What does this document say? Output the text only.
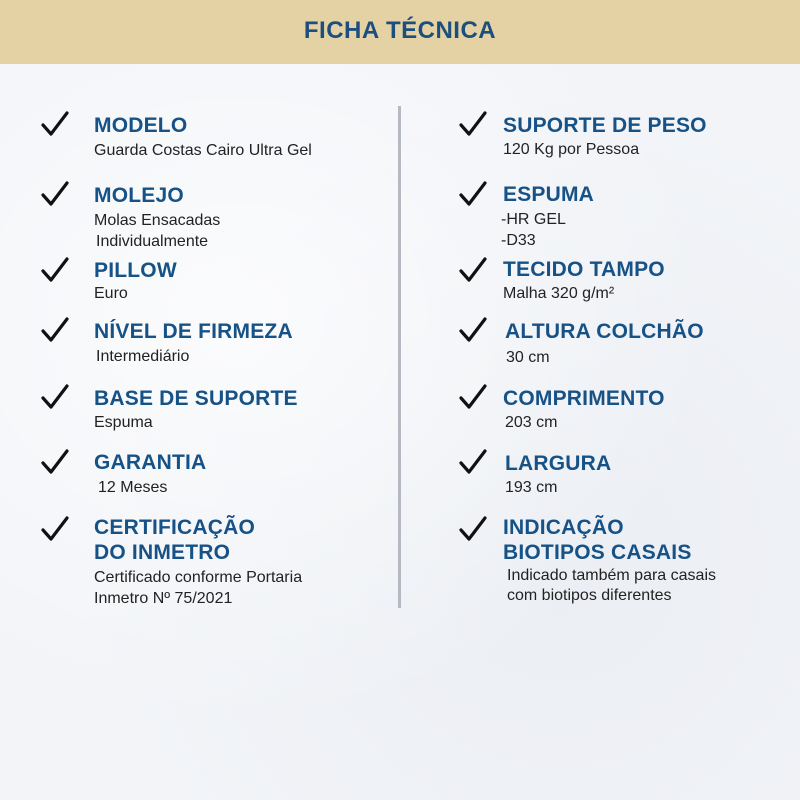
FICHA TÉCNICA
MODELO
Guarda Costas Cairo Ultra Gel
MOLEJO
Molas Ensacadas
Individualmente
PILLOW
Euro
NÍVEL DE FIRMEZA
Intermediário
BASE DE SUPORTE
Espuma
GARANTIA
12 Meses
CERTIFICAÇÃO
DO INMETRO
Certificado conforme Portaria
Inmetro Nº 75/2021
SUPORTE DE PESO
120 Kg por Pessoa
ESPUMA
-HR GEL
-D33
TECIDO TAMPO
Malha 320 g/m²
ALTURA COLCHÃO
30 cm
COMPRIMENTO
203 cm
LARGURA
193 cm
INDICAÇÃO
BIOTIPOS CASAIS
Indicado também para casais
com biotipos diferentes
